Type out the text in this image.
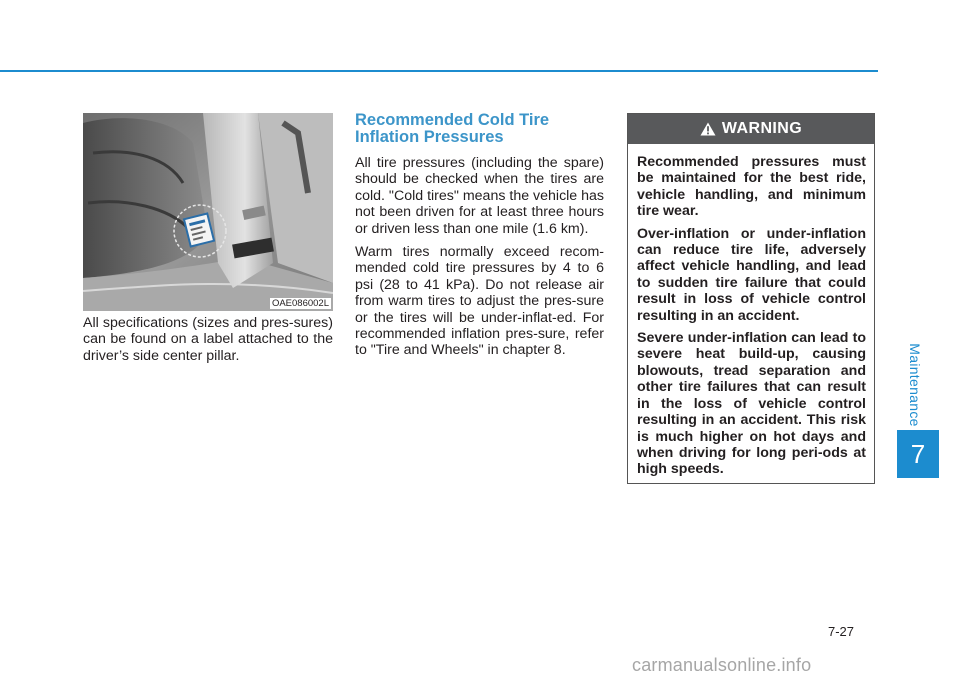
Maintenance
7
OAE086002L
All specifications (sizes and pres-sures) can be found on a label attached to the driver’s side center pillar.
Recommended Cold Tire Inflation Pressures

All tire pressures (including the spare) should be checked when the tires are cold. "Cold tires" means the vehicle has not been driven for at least three hours or driven less than one mile (1.6 km).

Warm tires normally exceed recom-mended cold tire pressures by 4 to 6 psi (28 to 41 kPa). Do not release air from warm tires to adjust the pres-sure or the tires will be under-inflat-ed. For recommended inflation pres-sure, refer to "Tire and Wheels" in chapter 8.

WARNING

Recommended pressures must be maintained for the best ride, vehicle handling, and minimum tire wear.

Over-inflation or under-inflation can reduce tire life, adversely affect vehicle handling, and lead to sudden tire failure that could result in loss of vehicle control resulting in an accident.

Severe under-inflation can lead to severe heat build-up, causing blowouts, tread separation and other tire failures that can result in the loss of vehicle control resulting in an accident. This risk is much higher on hot days and when driving for long peri-ods at high speeds.

7-27
carmanualsonline.info
